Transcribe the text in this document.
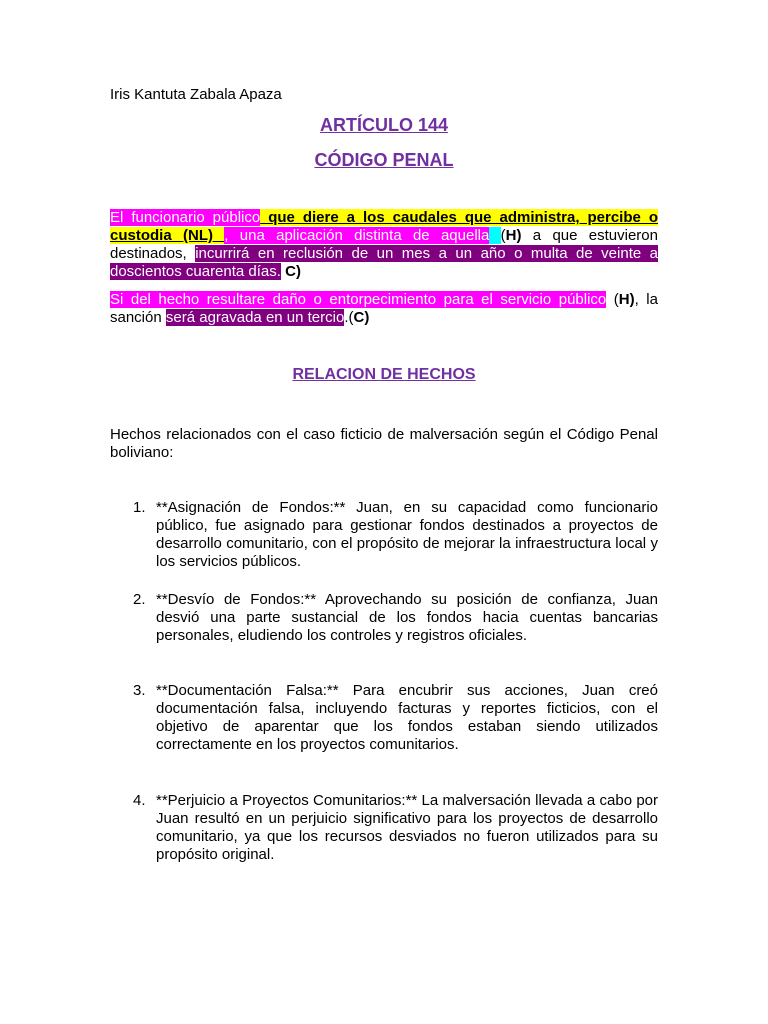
Iris Kantuta Zabala Apaza
ARTÍCULO 144
CÓDIGO PENAL
El funcionario público que diere a los caudales que administra, percibe o custodia (NL) , una aplicación distinta de aquella (H) a que estuvieron destinados, incurrirá en reclusión de un mes a un año o multa de veinte a doscientos cuarenta días. C)
Si del hecho resultare daño o entorpecimiento para el servicio público (H), la sanción será agravada en un tercio.(C)
RELACION DE HECHOS
Hechos relacionados con el caso ficticio de malversación según el Código Penal boliviano:
1. **Asignación de Fondos:** Juan, en su capacidad como funcionario público, fue asignado para gestionar fondos destinados a proyectos de desarrollo comunitario, con el propósito de mejorar la infraestructura local y los servicios públicos.
2. **Desvío de Fondos:** Aprovechando su posición de confianza, Juan desvió una parte sustancial de los fondos hacia cuentas bancarias personales, eludiendo los controles y registros oficiales.
3. **Documentación Falsa:** Para encubrir sus acciones, Juan creó documentación falsa, incluyendo facturas y reportes ficticios, con el objetivo de aparentar que los fondos estaban siendo utilizados correctamente en los proyectos comunitarios.
4. **Perjuicio a Proyectos Comunitarios:** La malversación llevada a cabo por Juan resultó en un perjuicio significativo para los proyectos de desarrollo comunitario, ya que los recursos desviados no fueron utilizados para su propósito original.
